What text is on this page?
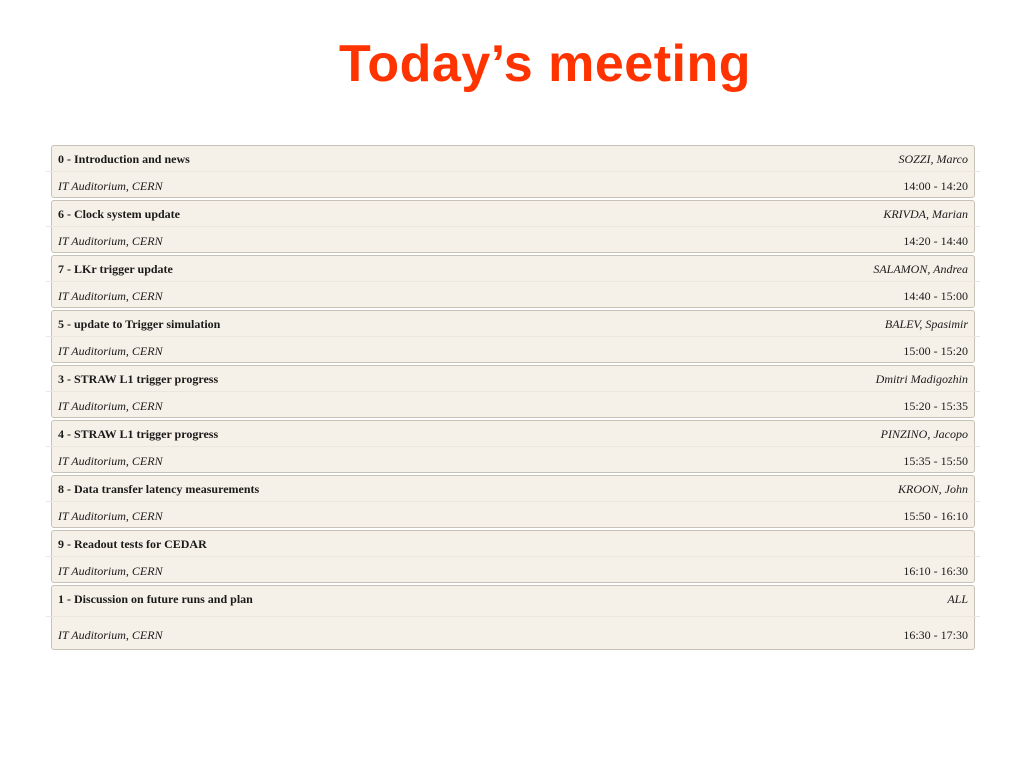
Today’s meeting
0 - Introduction and news	SOZZI, Marco
IT Auditorium, CERN	14:00 - 14:20
6 - Clock system update	KRIVDA, Marian
IT Auditorium, CERN	14:20 - 14:40
7 - LKr trigger update	SALAMON, Andrea
IT Auditorium, CERN	14:40 - 15:00
5 - update to Trigger simulation	BALEV, Spasimir
IT Auditorium, CERN	15:00 - 15:20
3 - STRAW L1 trigger progress	Dmitri Madigozhin
IT Auditorium, CERN	15:20 - 15:35
4 - STRAW L1 trigger progress	PINZINO, Jacopo
IT Auditorium, CERN	15:35 - 15:50
8 - Data transfer latency measurements	KROON, John
IT Auditorium, CERN	15:50 - 16:10
9 - Readout tests for CEDAR
IT Auditorium, CERN	16:10 - 16:30
1 - Discussion on future runs and plan	ALL
IT Auditorium, CERN	16:30 - 17:30
